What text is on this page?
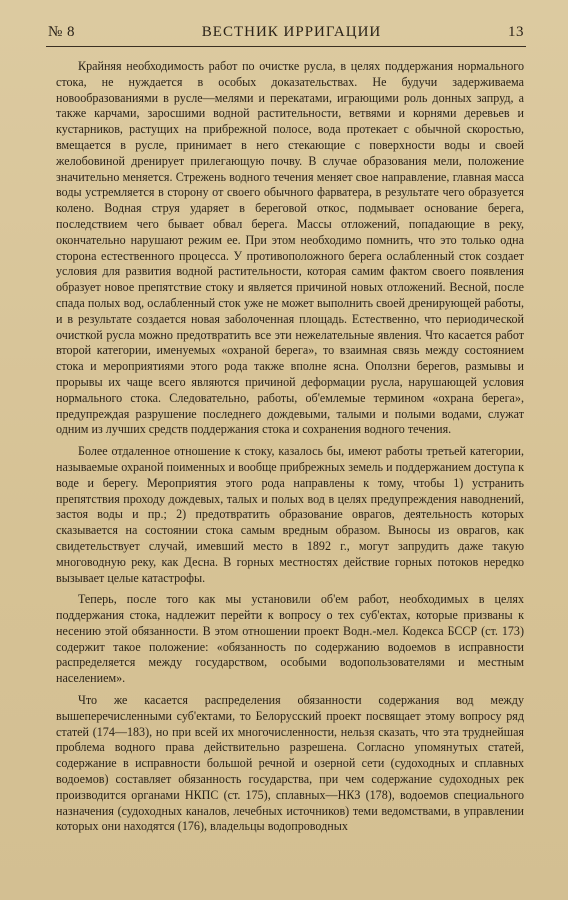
№ 8	ВЕСТНИК ИРРИГАЦИИ	13

Крайняя необходимость работ по очистке русла, в целях поддержания нормального стока, не нуждается в особых доказательствах. Не будучи задерживаема новообразованиями в русле—мелями и перекатами, играющими роль донных запруд, а также карчами, заросшими водной растительности, ветвями и корнями деревьев и кустарников, растущих на прибрежной полосе, вода протекает с обычной скоростью, вмещается в русле, принимает в него стекающие с поверхности воды и своей желобовиной дренирует прилегающую почву. В случае образования мели, положение значительно меняется. Стрежень водного течения меняет свое направление, главная масса воды устремляется в сторону от своего обычного фарватера, в результате чего образуется колено. Водная струя ударяет в береговой откос, подмывает основание берега, последствием чего бывает обвал берега. Массы отложений, попадающие в реку, окончательно нарушают режим ее. При этом необходимо помнить, что это только одна сторона естественного процесса. У противоположного берега ослабленный сток создает условия для развития водной растительности, которая самим фактом своего появления образует новое препятствие стоку и является причиной новых отложений. Весной, после спада полых вод, ослабленный сток уже не может выполнить своей дренирующей работы, и в результате создается новая заболоченная площадь. Естественно, что периодической очисткой русла можно предотвратить все эти нежелательные явления. Что касается работ второй категории, именуемых «охраной берега», то взаимная связь между состоянием стока и мероприятиями этого рода также вполне ясна. Оползни берегов, размывы и прорывы их чаще всего являются причиной деформации русла, нарушающей условия нормального стока. Следовательно, работы, об'емлемые термином «охрана берега», предупреждая разрушение последнего дождевыми, талыми и полыми водами, служат одним из лучших средств поддержания стока и сохранения водного течения.

Более отдаленное отношение к стоку, казалось бы, имеют работы третьей категории, называемые охраной поименных и вообще прибрежных земель и поддержанием доступа к воде и берегу. Мероприятия этого рода направлены к тому, чтобы 1) устранить препятствия проходу дождевых, талых и полых вод в целях предупреждения наводнений, застоя воды и пр.; 2) предотвратить образование оврагов, деятельность которых сказывается на состоянии стока самым вредным образом. Выносы из оврагов, как свидетельствует случай, имевший место в 1892 г., могут запрудить даже такую многоводную реку, как Десна. В горных местностях действие горных потоков нередко вызывает целые катастрофы.

Теперь, после того как мы установили об'ем работ, необходимых в целях поддержания стока, надлежит перейти к вопросу о тех суб'ектах, которые призваны к несению этой обязанности. В этом отношении проект Водн.-мел. Кодекса БССР (ст. 173) содержит такое положение: «обязанность по содержанию водоемов в исправности распределяется между государством, особыми водопользователями и местным населением».

Что же касается распределения обязанности содержания вод между вышеперечисленными суб'ектами, то Белорусский проект посвящает этому вопросу ряд статей (174—183), но при всей их многочисленности, нельзя сказать, что эта труднейшая проблема водного права действительно разрешена. Согласно упомянутых статей, содержание в исправности большой речной и озерной сети (судоходных и сплавных водоемов) составляет обязанность государства, при чем содержание судоходных рек производится органами НКПС (ст. 175), сплавных—НКЗ (178), водоемов специального назначения (судоходных каналов, лечебных источников) теми ведомствами, в управлении которых они находятся (176), владельцы водопроводных
